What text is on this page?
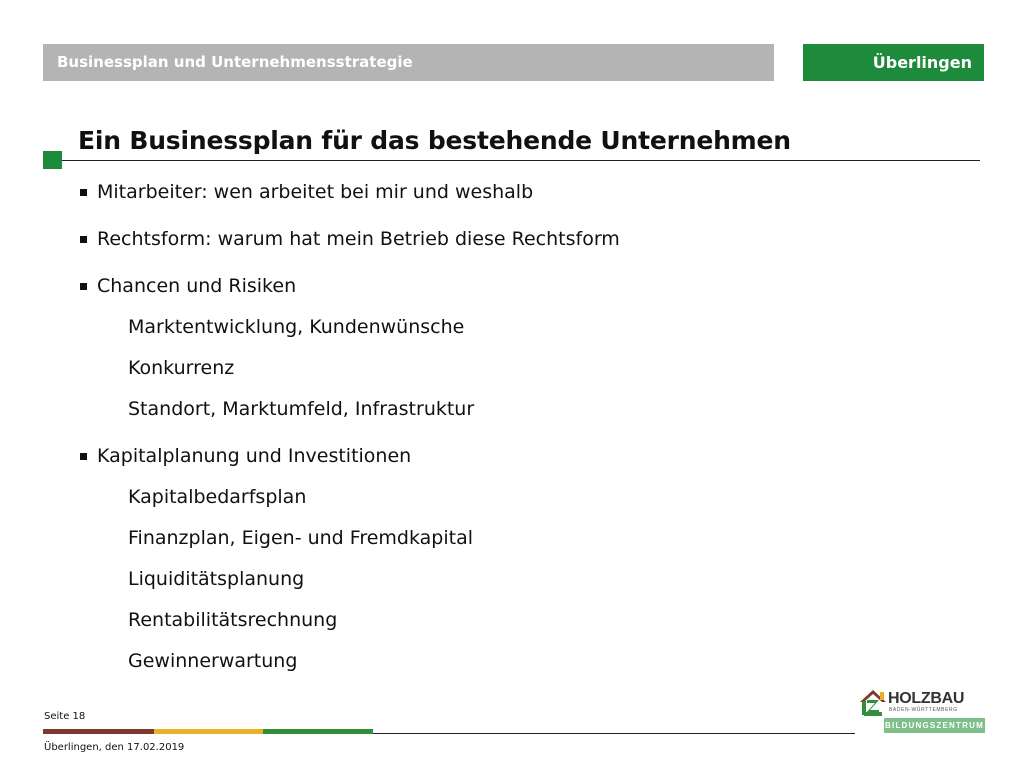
Businessplan und Unternehmensstrategie	Überlingen
Ein Businessplan für das bestehende Unternehmen
Mitarbeiter: wen arbeitet bei mir und weshalb
Rechtsform: warum hat mein Betrieb diese Rechtsform
Chancen und Risiken
Marktentwicklung, Kundenwünsche
Konkurrenz
Standort, Marktumfeld, Infrastruktur
Kapitalplanung und Investitionen
Kapitalbedarfsplan
Finanzplan, Eigen- und Fremdkapital
Liquiditätsplanung
Rentabilitätsrechnung
Gewinnerwartung
Seite 18
Überlingen, den 17.02.2019
HOLZBAU
BADEN-WÜRTTEMBERG
BILDUNGSZENTRUM
